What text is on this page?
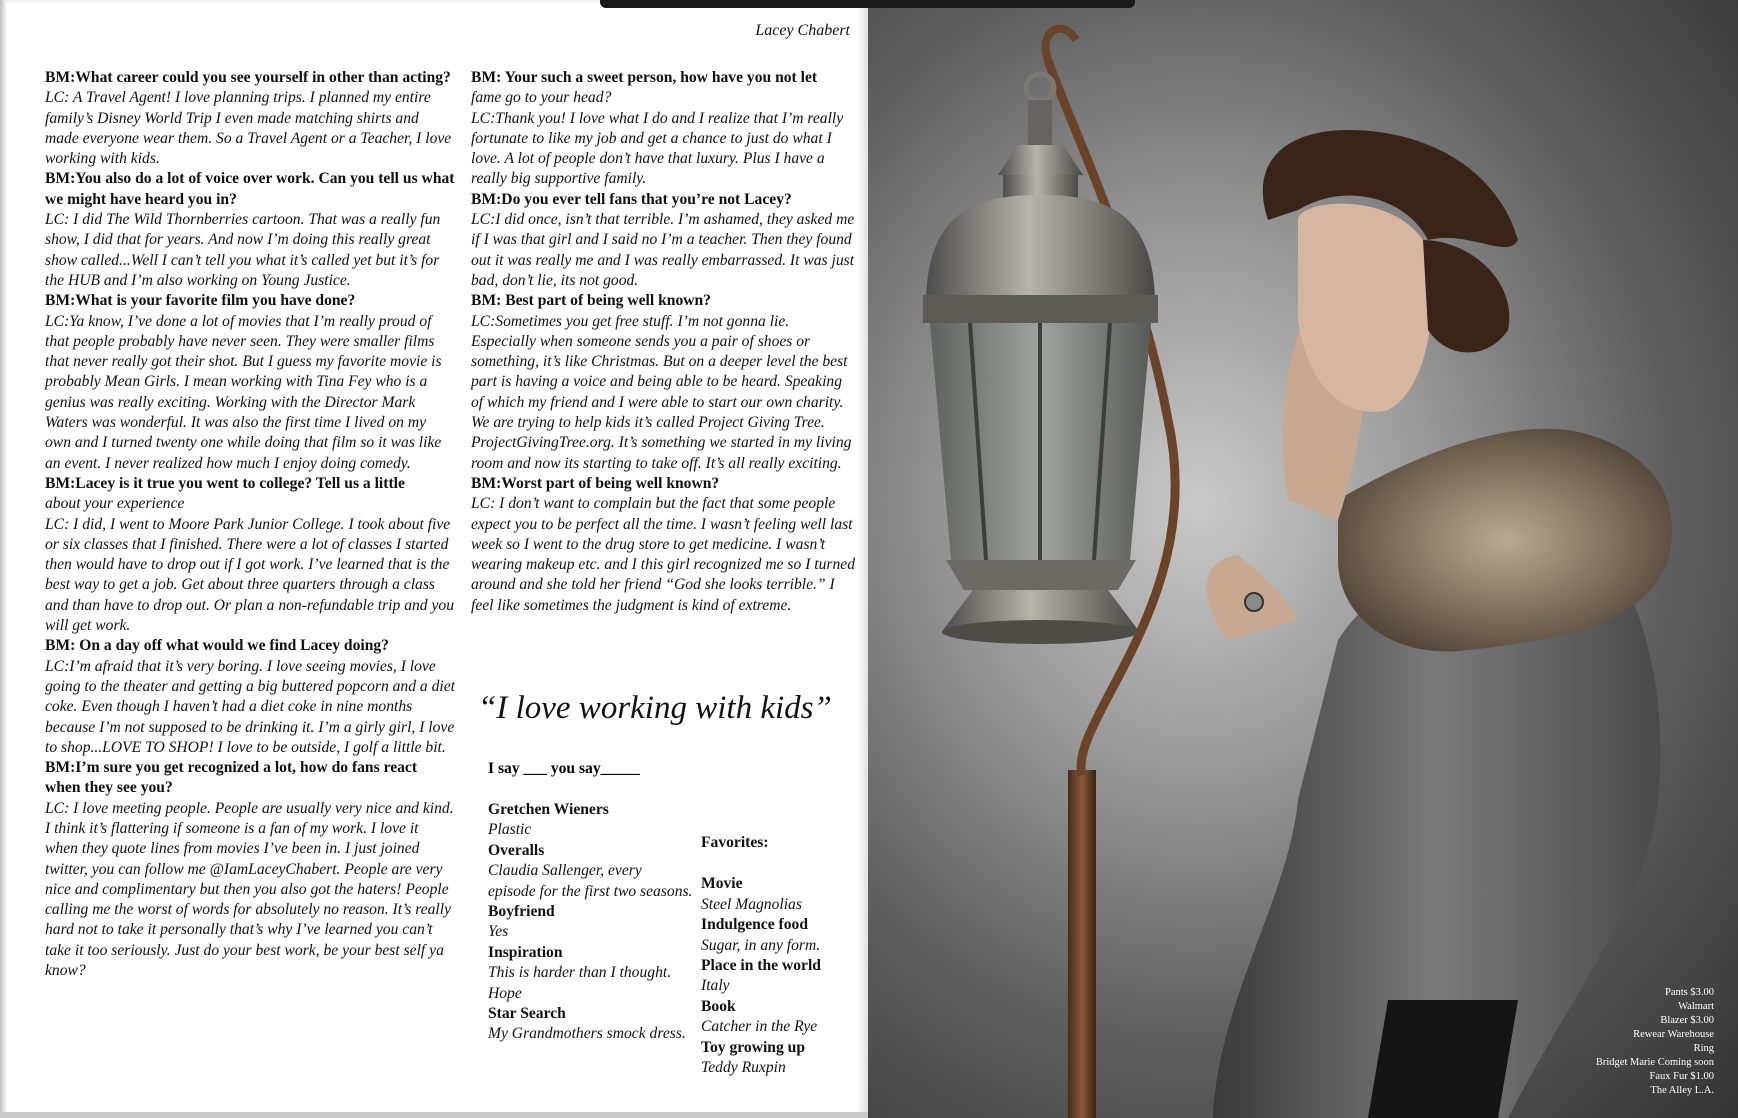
Lacey Chabert
BM:What career could you see yourself in other than acting?
LC: A Travel Agent! I love planning trips. I planned my entire family’s Disney World Trip I even made matching shirts and made everyone wear them. So a Travel Agent or a Teacher, I love working with kids.
BM:You also do a lot of voice over work. Can you tell us what we might have heard you in?
LC: I did The Wild Thornberries cartoon. That was a really fun show, I did that for years. And now I’m doing this really great show called...Well I can’t tell you what it’s called yet but it’s for the HUB and I’m also working on Young Justice.
BM:What is your favorite film you have done?
LC:Ya know, I’ve done a lot of movies that I’m really proud of that people probably have never seen. They were smaller films that never really got their shot. But I guess my favorite movie is probably Mean Girls. I mean working with Tina Fey who is a genius was really exciting. Working with the Director Mark Waters was wonderful. It was also the first time I lived on my own and I turned twenty one while doing that film so it was like an event. I never realized how much I enjoy doing comedy.
BM:Lacey is it true you went to college? Tell us a little
about your experience
LC: I did, I went to Moore Park Junior College. I took about five or six classes that I finished. There were a lot of classes I started then would have to drop out if I got work. I’ve learned that is the best way to get a job. Get about three quarters through a class and than have to drop out. Or plan a non-refundable trip and you will get work.
BM: On a day off what would we find Lacey doing?
LC:I’m afraid that it’s very boring. I love seeing movies, I love going to the theater and getting a big buttered popcorn and a diet coke. Even though I haven’t had a diet coke in nine months because I’m not supposed to be drinking it. I’m a girly girl, I love to shop...LOVE TO SHOP! I love to be outside, I golf a little bit.
BM:I’m sure you get recognized a lot, how do fans react when they see you?
LC: I love meeting people. People are usually very nice and kind. I think it’s flattering if someone is a fan of my work. I love it when they quote lines from movies I’ve been in. I just joined twitter, you can follow me @IamLaceyChabert. People are very nice and complimentary but then you also got the haters! People calling me the worst of words for absolutely no reason. It’s really hard not to take it personally that’s why I’ve learned you can’t take it too seriously. Just do your best work, be your best self ya know?
BM: Your such a sweet person, how have you not let
fame go to your head?
LC:Thank you! I love what I do and I realize that I’m really fortunate to like my job and get a chance to just do what I love. A lot of people don’t have that luxury. Plus I have a really big supportive family.
BM:Do you ever tell fans that you’re not Lacey?
LC:I did once, isn’t that terrible. I’m ashamed, they asked me if I was that girl and I said no I’m a teacher. Then they found out it was really me and I was really embarrassed. It was just bad, don’t lie, its not good.
BM: Best part of being well known?
LC:Sometimes you get free stuff. I’m not gonna lie. Especially when someone sends you a pair of shoes or something, it’s like Christmas. But on a deeper level the best part is having a voice and being able to be heard. Speaking of which my friend and I were able to start our own charity. We are trying to help kids it’s called Project Giving Tree. ProjectGivingTree.org. It’s something we started in my living room and now its starting to take off. It’s all really exciting.
BM:Worst part of being well known?
LC: I don’t want to complain but the fact that some people expect you to be perfect all the time. I wasn’t feeling well last week so I went to the drug store to get medicine. I wasn’t wearing makeup etc. and I this girl recognized me so I turned around and she told her friend “God she looks terrible.” I feel like sometimes the judgment is kind of extreme.
“I love working with kids”
I say ___ you say_____
Gretchen Wieners
Plastic
Overalls
Claudia Sallenger, every episode for the first two seasons.
Boyfriend
Yes
Inspiration
This is harder than I thought. Hope
Star Search
My Grandmothers smock dress.
Favorites:
Movie
Steel Magnolias
Indulgence food
Sugar, in any form.
Place in the world
Italy
Book
Catcher in the Rye
Toy growing up
Teddy Ruxpin
Pants $3.00
Walmart
Blazer $3.00
Rewear Warehouse
Ring
Bridget Marie Coming soon
Faux Fur $1.00
The Alley L.A.
